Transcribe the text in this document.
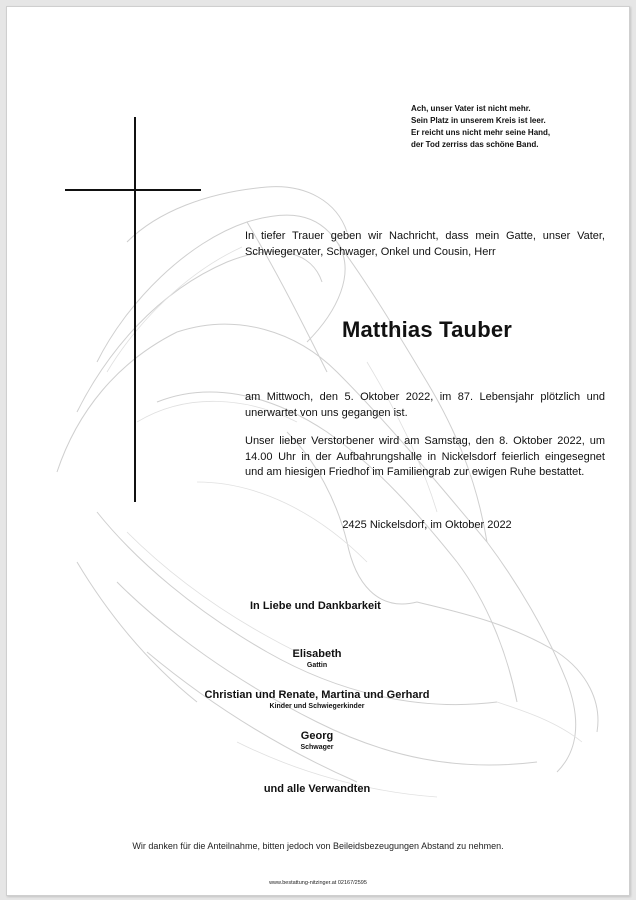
Ach, unser Vater ist nicht mehr.
Sein Platz in unserem Kreis ist leer.
Er reicht uns nicht mehr seine Hand,
der Tod zerriss das schöne Band.
In tiefer Trauer geben wir Nachricht, dass mein Gatte, unser Vater, Schwiegervater, Schwager, Onkel und Cousin, Herr
Matthias Tauber
am Mittwoch, den 5. Oktober 2022, im 87. Lebensjahr plötzlich und unerwartet von uns gegangen ist.
Unser lieber Verstorbener wird am Samstag, den 8. Oktober 2022, um 14.00 Uhr in der Aufbahrungshalle in Nickelsdorf feierlich eingesegnet und am hiesigen Friedhof im Familiengrab zur ewigen Ruhe bestattet.
2425 Nickelsdorf, im Oktober 2022
In Liebe und Dankbarkeit
Elisabeth
Gattin
Christian und Renate, Martina und Gerhard
Kinder und Schwiegerkinder
Georg
Schwager
und alle Verwandten
Wir danken für die Anteilnahme, bitten jedoch von Beileidsbezeugungen Abstand zu nehmen.
www.bestattung-nitzinger.at 02167/2595
